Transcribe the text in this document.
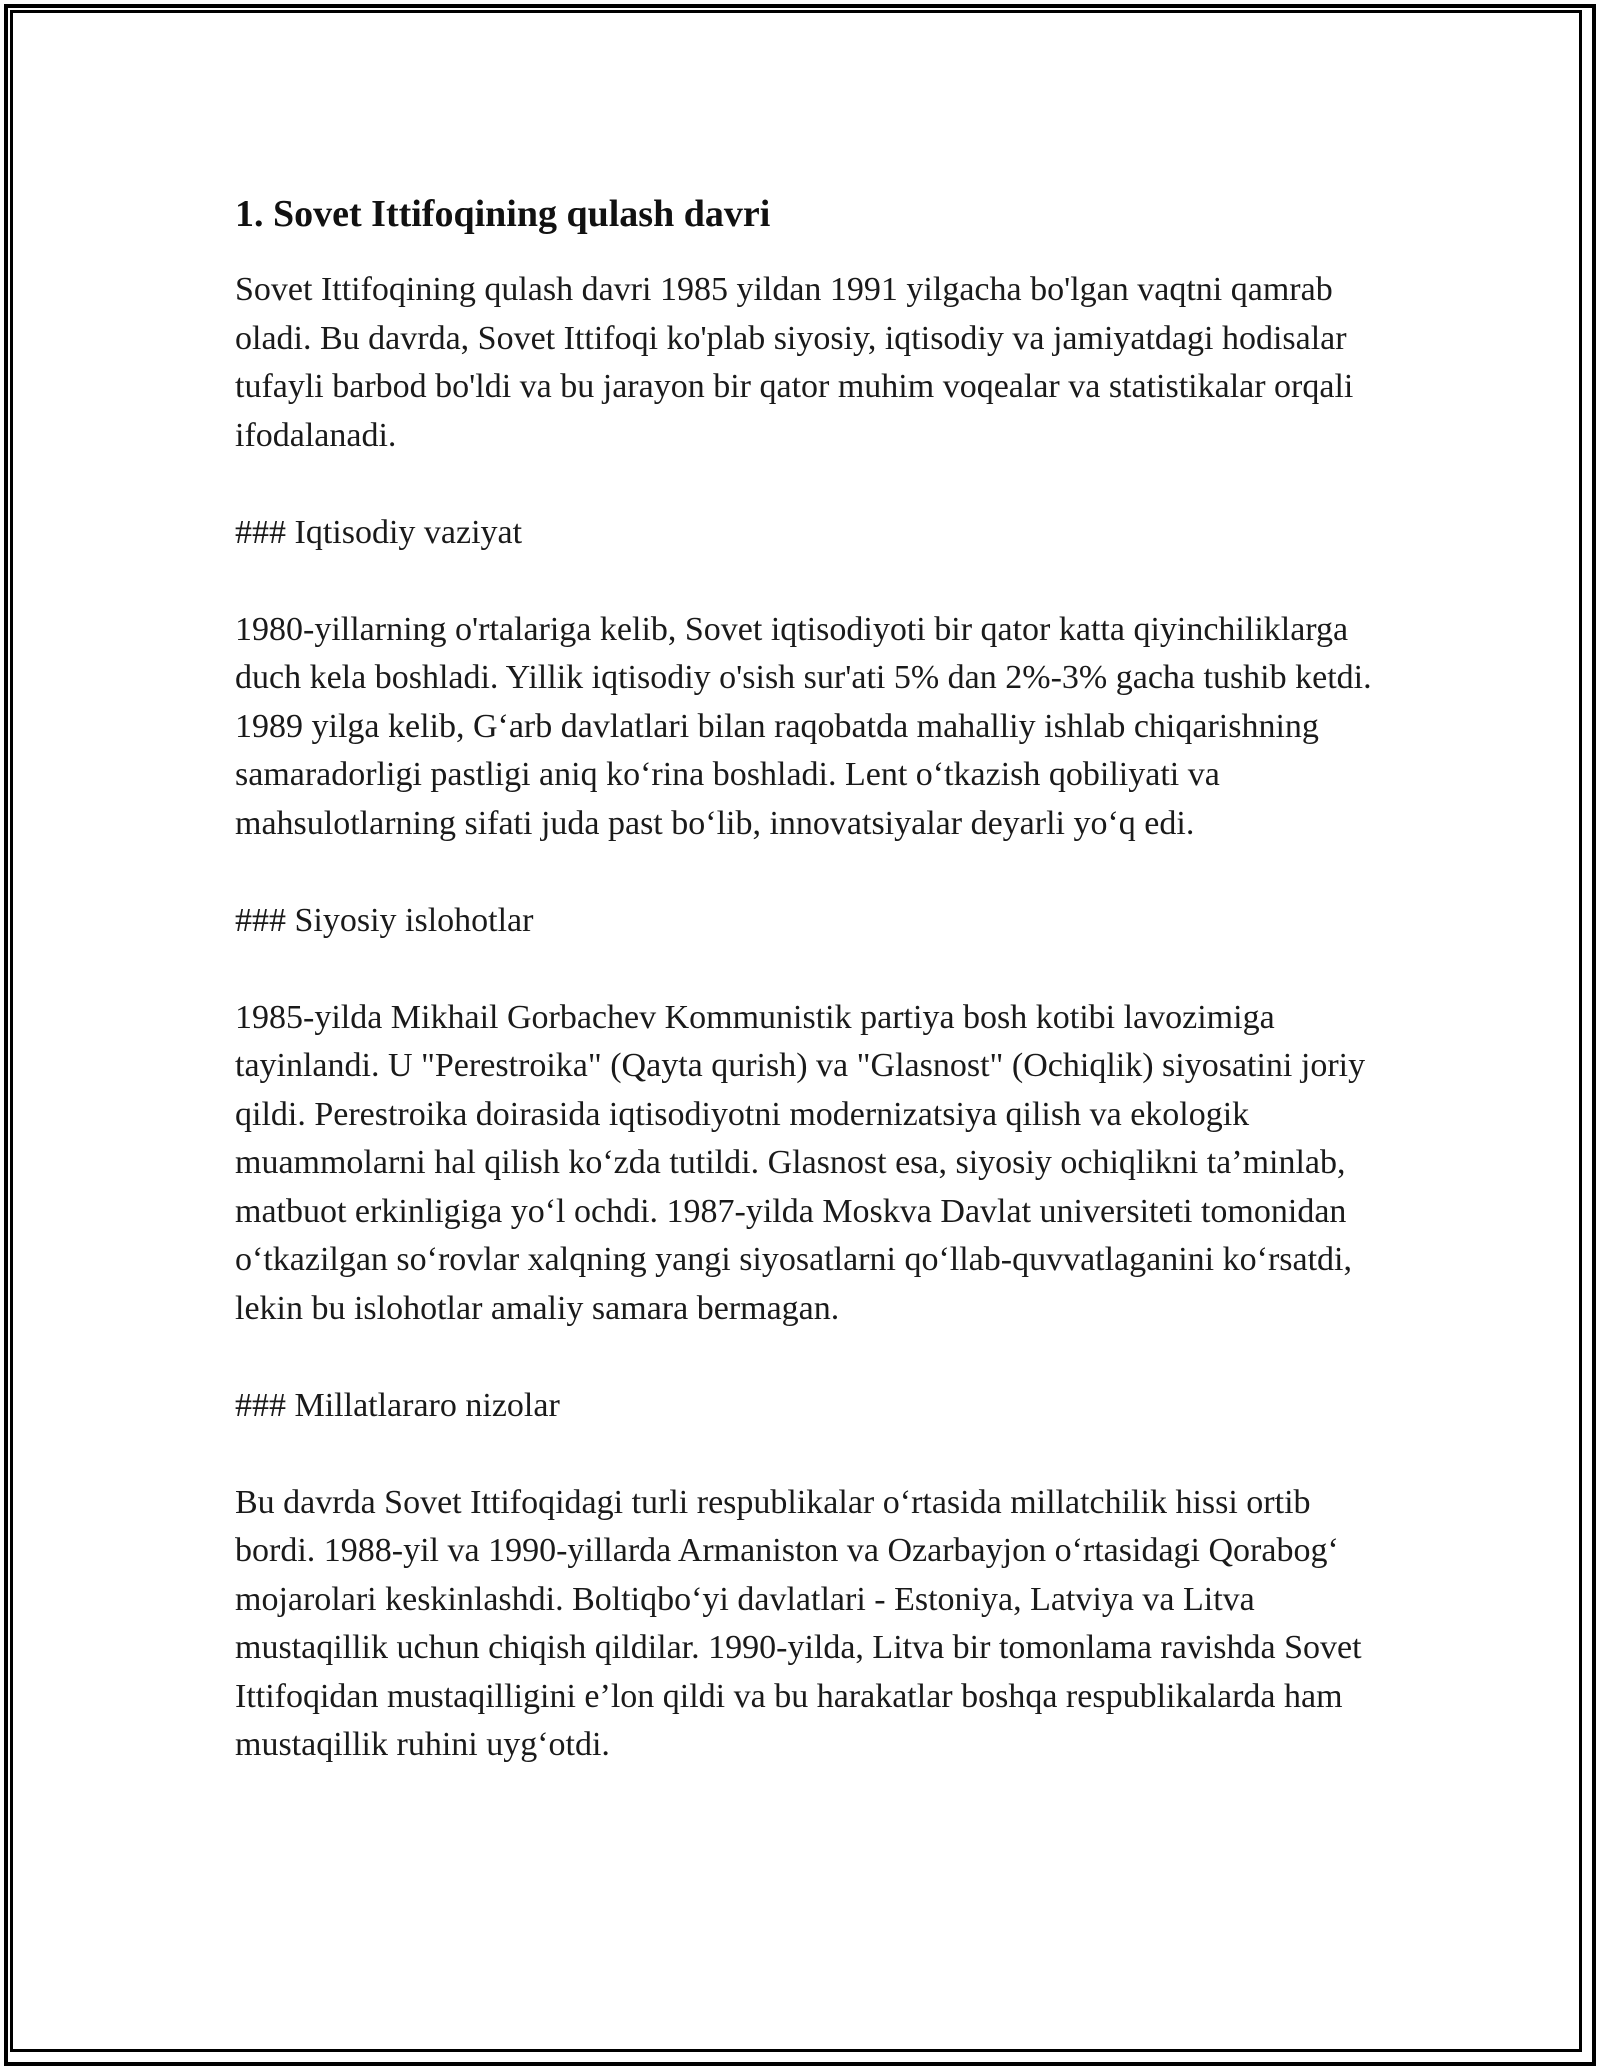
1. Sovet Ittifoqining qulash davri

Sovet Ittifoqining qulash davri 1985 yildan 1991 yilgacha bo'lgan vaqtni qamrab oladi. Bu davrda, Sovet Ittifoqi ko'plab siyosiy, iqtisodiy va jamiyatdagi hodisalar tufayli barbod bo'ldi va bu jarayon bir qator muhim voqealar va statistikalar orqali ifodalanadi.

### Iqtisodiy vaziyat

1980-yillarning o'rtalariga kelib, Sovet iqtisodiyoti bir qator katta qiyinchiliklarga duch kela boshladi. Yillik iqtisodiy o'sish sur'ati 5% dan 2%-3% gacha tushib ketdi. 1989 yilga kelib, G‘arb davlatlari bilan raqobatda mahalliy ishlab chiqarishning samaradorligi pastligi aniq ko‘rina boshladi. Lent o‘tkazish qobiliyati va mahsulotlarning sifati juda past bo‘lib, innovatsiyalar deyarli yo‘q edi.

### Siyosiy islohotlar

1985-yilda Mikhail Gorbachev Kommunistik partiya bosh kotibi lavozimiga tayinlandi. U "Perestroika" (Qayta qurish) va "Glasnost" (Ochiqlik) siyosatini joriy qildi. Perestroika doirasida iqtisodiyotni modernizatsiya qilish va ekologik muammolarni hal qilish ko‘zda tutildi. Glasnost esa, siyosiy ochiqlikni ta’minlab, matbuot erkinligiga yo‘l ochdi. 1987-yilda Moskva Davlat universiteti tomonidan o‘tkazilgan so‘rovlar xalqning yangi siyosatlarni qo‘llab-quvvatlaganini ko‘rsatdi, lekin bu islohotlar amaliy samara bermagan.

### Millatlararo nizolar

Bu davrda Sovet Ittifoqidagi turli respublikalar o‘rtasida millatchilik hissi ortib bordi. 1988-yil va 1990-yillarda Armaniston va Ozarbayjon o‘rtasidagi Qorabog‘ mojarolari keskinlashdi. Boltiqbo‘yi davlatlari - Estoniya, Latviya va Litva mustaqillik uchun chiqish qildilar. 1990-yilda, Litva bir tomonlama ravishda Sovet Ittifoqidan mustaqilligini e’lon qildi va bu harakatlar boshqa respublikalarda ham mustaqillik ruhini uyg‘otdi.
